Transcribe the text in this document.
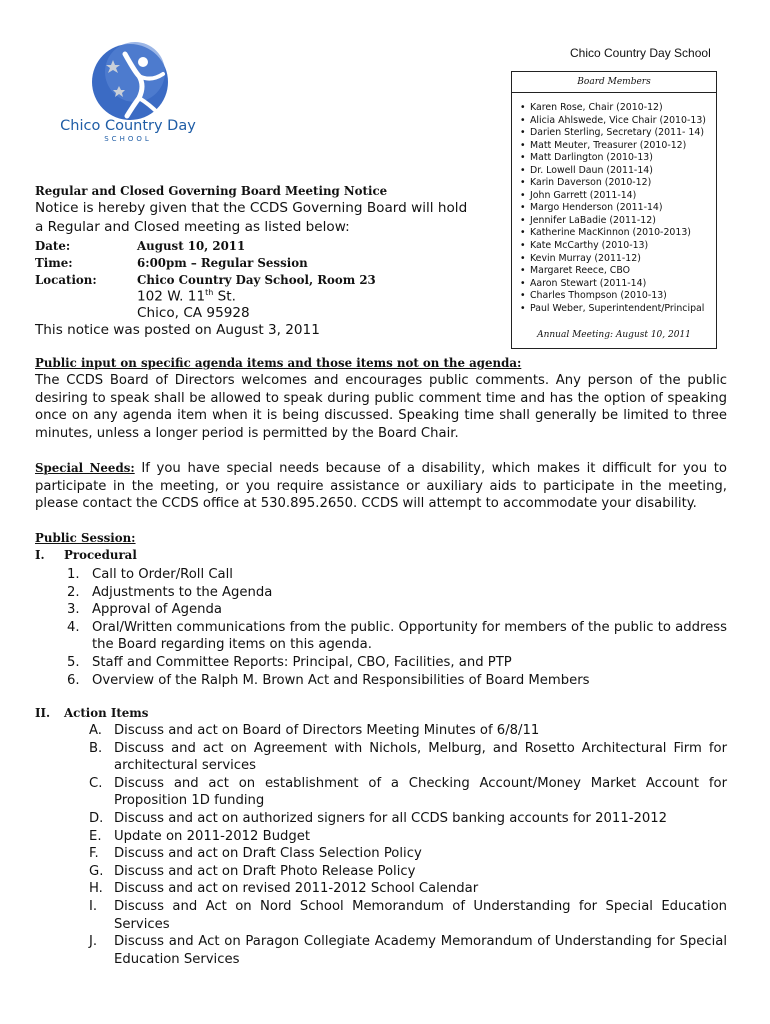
Chico Country Day
SCHOOL
Chico Country Day School
Board Members
• Karen Rose, Chair (2010-12)
• Alicia Ahlswede, Vice Chair (2010-13)
• Darien Sterling, Secretary (2011- 14)
• Matt Meuter, Treasurer (2010-12)
• Matt Darlington (2010-13)
• Dr. Lowell Daun (2011-14)
• Karin Daverson (2010-12)
• John Garrett (2011-14)
• Margo Henderson (2011-14)
• Jennifer LaBadie (2011-12)
• Katherine MacKinnon (2010-2013)
• Kate McCarthy (2010-13)
• Kevin Murray (2011-12)
• Margaret Reece, CBO
• Aaron Stewart (2011-14)
• Charles Thompson (2010-13)
• Paul Weber, Superintendent/Principal
Annual Meeting: August 10, 2011
Regular and Closed Governing Board Meeting Notice
Notice is hereby given that the CCDS Governing Board will hold
a Regular and Closed meeting as listed below:
Date:	August 10, 2011
Time:	6:00pm – Regular Session
Location:	Chico Country Day School, Room 23
102 W. 11th St.
Chico, CA 95928
This notice was posted on August 3, 2011
Public input on specific agenda items and those items not on the agenda:
The CCDS Board of Directors welcomes and encourages public comments. Any person of the public desiring to speak shall be allowed to speak during public comment time and has the option of speaking once on any agenda item when it is being discussed. Speaking time shall generally be limited to three minutes, unless a longer period is permitted by the Board Chair.
Special Needs: If you have special needs because of a disability, which makes it difficult for you to participate in the meeting, or you require assistance or auxiliary aids to participate in the meeting, please contact the CCDS office at 530.895.2650. CCDS will attempt to accommodate your disability.
Public Session:
I. Procedural
1. Call to Order/Roll Call
2. Adjustments to the Agenda
3. Approval of Agenda
4. Oral/Written communications from the public. Opportunity for members of the public to address the Board regarding items on this agenda.
5. Staff and Committee Reports: Principal, CBO, Facilities, and PTP
6. Overview of the Ralph M. Brown Act and Responsibilities of Board Members
II. Action Items
A. Discuss and act on Board of Directors Meeting Minutes of 6/8/11
B. Discuss and act on Agreement with Nichols, Melburg, and Rosetto Architectural Firm for architectural services
C. Discuss and act on establishment of a Checking Account/Money Market Account for Proposition 1D funding
D. Discuss and act on authorized signers for all CCDS banking accounts for 2011-2012
E. Update on 2011-2012 Budget
F. Discuss and act on Draft Class Selection Policy
G. Discuss and act on Draft Photo Release Policy
H. Discuss and act on revised 2011-2012 School Calendar
I. Discuss and Act on Nord School Memorandum of Understanding for Special Education Services
J. Discuss and Act on Paragon Collegiate Academy Memorandum of Understanding for Special Education Services
